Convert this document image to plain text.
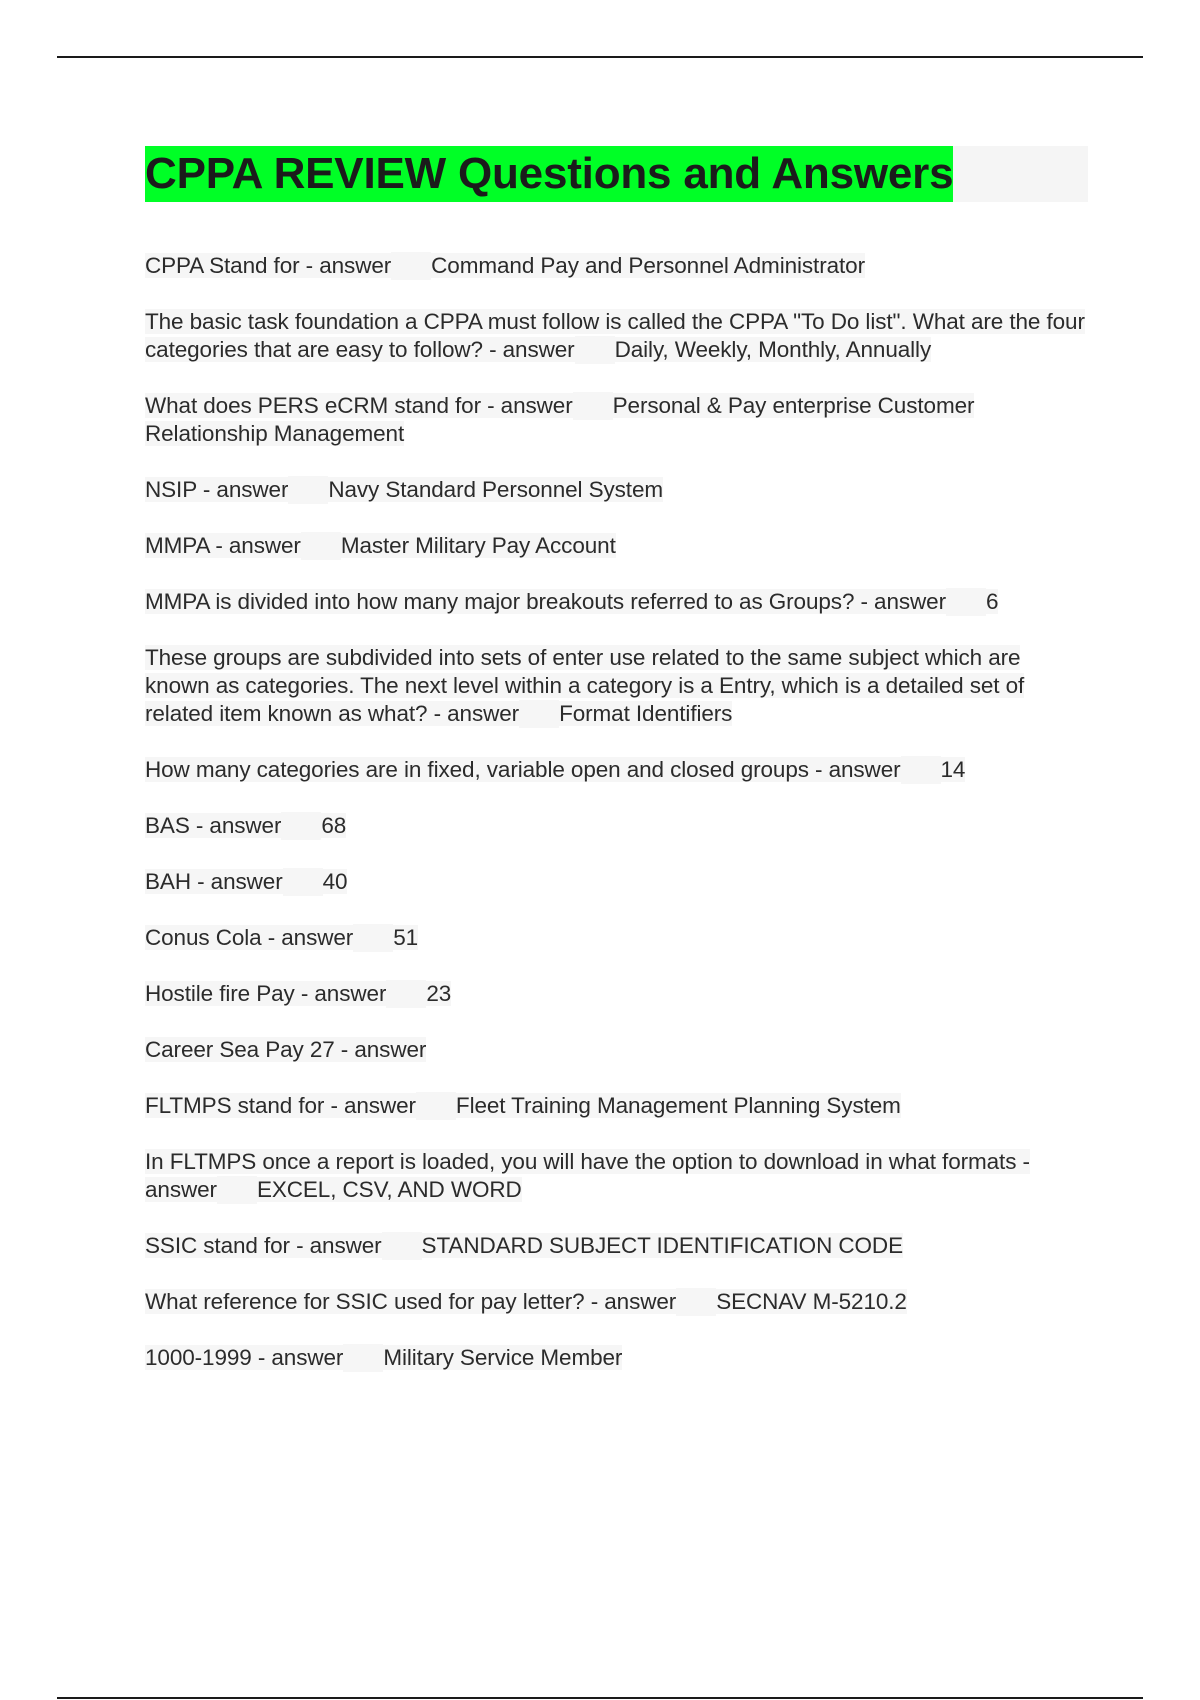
CPPA REVIEW Questions and Answers

CPPA Stand for - answer Command Pay and Personnel Administrator

The basic task foundation a CPPA must follow is called the CPPA "To Do list". What are the four categories that are easy to follow? - answer Daily, Weekly, Monthly, Annually

What does PERS eCRM stand for - answer Personal & Pay enterprise Customer Relationship Management

NSIP - answer Navy Standard Personnel System

MMPA - answer Master Military Pay Account

MMPA is divided into how many major breakouts referred to as Groups? - answer 6

These groups are subdivided into sets of enter use related to the same subject which are known as categories. The next level within a category is a Entry, which is a detailed set of related item known as what? - answer Format Identifiers

How many categories are in fixed, variable open and closed groups - answer 14

BAS - answer 68

BAH - answer 40

Conus Cola - answer 51

Hostile fire Pay - answer 23

Career Sea Pay 27 - answer

FLTMPS stand for - answer Fleet Training Management Planning System

In FLTMPS once a report is loaded, you will have the option to download in what formats - answer EXCEL, CSV, AND WORD

SSIC stand for - answer STANDARD SUBJECT IDENTIFICATION CODE

What reference for SSIC used for pay letter? - answer SECNAV M-5210.2

1000-1999 - answer Military Service Member
